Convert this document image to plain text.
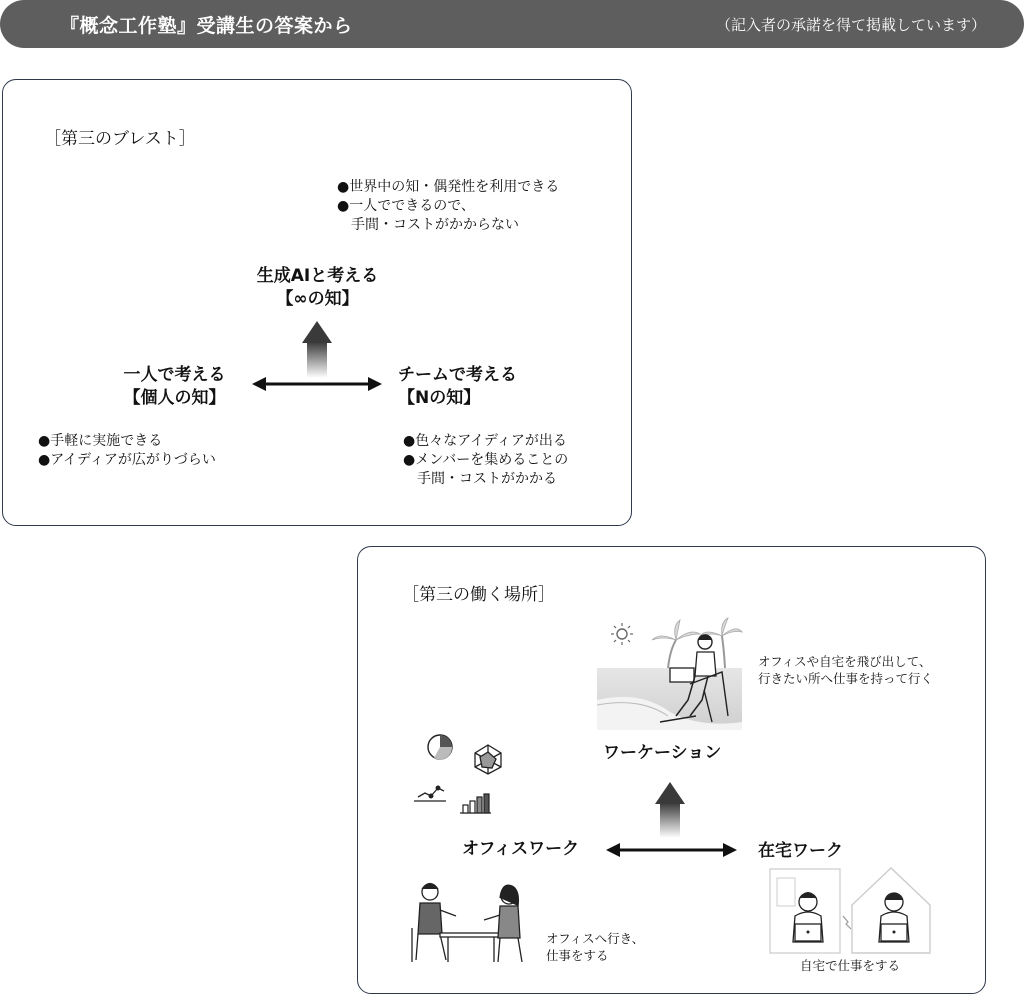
『概念工作塾』受講生の答案から	（記入者の承諾を得て掲載しています）
［第三のブレスト］
●世界中の知・偶発性を利用できる
●一人でできるので、
　手間・コストがかからない
生成AIと考える
【∞の知】
一人で考える
【個人の知】
チームで考える
【Nの知】
●手軽に実施できる
●アイディアが広がりづらい
●色々なアイディアが出る
●メンバーを集めることの
　手間・コストがかかる
［第三の働く場所］
ワーケーション
オフィスや自宅を飛び出して、
行きたい所へ仕事を持って行く
オフィスワーク	在宅ワーク
オフィスへ行き、
仕事をする
自宅で仕事をする
